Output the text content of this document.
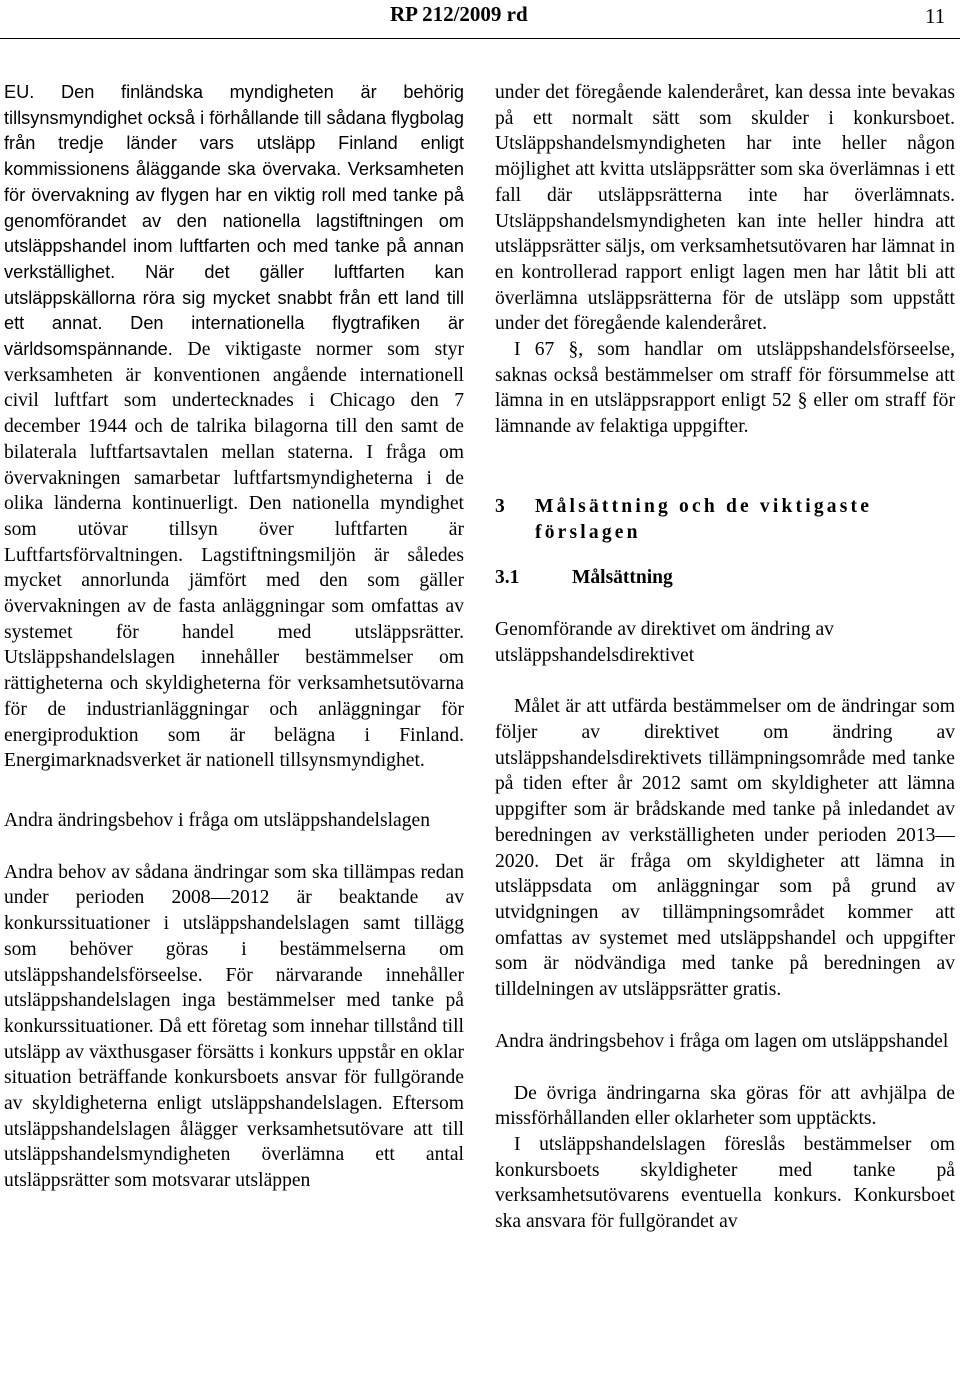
RP 212/2009 rd	11

EU. Den finländska myndigheten är behörig tillsynsmyndighet också i förhållande till sådana flygbolag från tredje länder vars utsläpp Finland enligt kommissionens åläggande ska övervaka. Verksamheten för övervakning av flygen har en viktig roll med tanke på genomförandet av den nationella lagstiftningen om utsläppshandel inom luftfarten och med tanke på annan verkställighet. När det gäller luftfarten kan utsläppskällorna röra sig mycket snabbt från ett land till ett annat. Den internationella flygtrafiken är världsomspännande. De viktigaste normer som styr verksamheten är konventionen angående internationell civil luftfart som undertecknades i Chicago den 7 december 1944 och de talrika bilagorna till den samt de bilaterala luftfartsavtalen mellan staterna. I fråga om övervakningen samarbetar luftfartsmyndigheterna i de olika länderna kontinuerligt. Den nationella myndighet som utövar tillsyn över luftfarten är Luftfartsförvaltningen. Lagstiftningsmiljön är således mycket annorlunda jämfört med den som gäller övervakningen av de fasta anläggningar som omfattas av systemet för handel med utsläppsrätter. Utsläppshandelslagen innehåller bestämmelser om rättigheterna och skyldigheterna för verksamhetsutövarna för de industrianläggningar och anläggningar för energiproduktion som är belägna i Finland. Energimarknadsverket är nationell tillsynsmyndighet.

Andra ändringsbehov i fråga om utsläppshandelslagen

Andra behov av sådana ändringar som ska tillämpas redan under perioden 2008—2012 är beaktande av konkurssituationer i utsläppshandelslagen samt tillägg som behöver göras i bestämmelserna om utsläppshandelsförseelse. För närvarande innehåller utsläppshandelslagen inga bestämmelser med tanke på konkurssituationer. Då ett företag som innehar tillstånd till utsläpp av växthusgaser försätts i konkurs uppstår en oklar situation beträffande konkursboets ansvar för fullgörande av skyldigheterna enligt utsläppshandelslagen. Eftersom utsläppshandelslagen ålägger verksamhetsutövare att till utsläppshandelsmyndigheten överlämna ett antal utsläppsrätter som motsvarar utsläppen

under det föregående kalenderåret, kan dessa inte bevakas på ett normalt sätt som skulder i konkursboet. Utsläppshandelsmyndigheten har inte heller någon möjlighet att kvitta utsläppsrätter som ska överlämnas i ett fall där utsläppsrätterna inte har överlämnats. Utsläppshandelsmyndigheten kan inte heller hindra att utsläppsrätter säljs, om verksamhetsutövaren har lämnat in en kontrollerad rapport enligt lagen men har låtit bli att överlämna utsläppsrätterna för de utsläpp som uppstått under det föregående kalenderåret.

I 67 §, som handlar om utsläppshandelsförseelse, saknas också bestämmelser om straff för försummelse att lämna in en utsläppsrapport enligt 52 § eller om straff för lämnande av felaktiga uppgifter.

3	Målsättning och de viktigaste förslagen
3.1	Målsättning

Genomförande av direktivet om ändring av utsläppshandelsdirektivet

Målet är att utfärda bestämmelser om de ändringar som följer av direktivet om ändring av utsläppshandelsdirektivets tillämpningsområde med tanke på tiden efter år 2012 samt om skyldigheter att lämna uppgifter som är brådskande med tanke på inledandet av beredningen av verkställigheten under perioden 2013—2020. Det är fråga om skyldigheter att lämna in utsläppsdata om anläggningar som på grund av utvidgningen av tillämpningsområdet kommer att omfattas av systemet med utsläppshandel och uppgifter som är nödvändiga med tanke på beredningen av tilldelningen av utsläppsrätter gratis.

Andra ändringsbehov i fråga om lagen om utsläppshandel

De övriga ändringarna ska göras för att avhjälpa de missförhållanden eller oklarheter som upptäckts.

I utsläppshandelslagen föreslås bestämmelser om konkursboets skyldigheter med tanke på verksamhetsutövarens eventuella konkurs. Konkursboet ska ansvara för fullgörandet av
